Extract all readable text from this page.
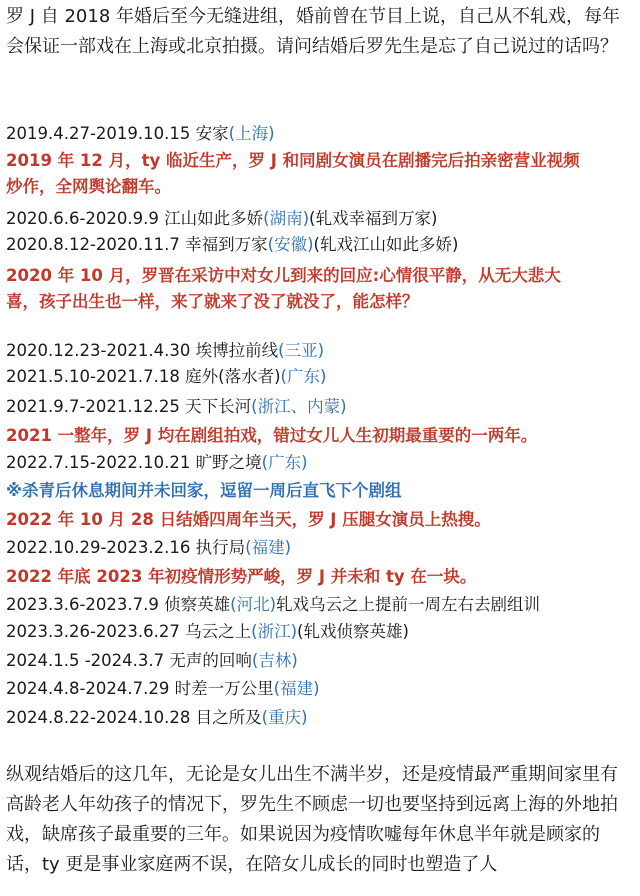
罗 J 自 2018 年婚后至今无缝进组，婚前曾在节目上说，自己从不轧戏，每年会保证一部戏在上海或北京拍摄。请问结婚后罗先生是忘了自己说过的话吗？
2019.4.27-2019.10.15 安家(上海)
2019 年 12 月，ty 临近生产，罗 J 和同剧女演员在剧播完后拍亲密营业视频
炒作，全网舆论翻车。
2020.6.6-2020.9.9 江山如此多娇(湖南)(轧戏幸福到万家)
2020.8.12-2020.11.7 幸福到万家(安徽)(轧戏江山如此多娇)
2020 年 10 月，罗晋在采访中对女儿到来的回应:心情很平静，从无大悲大
喜，孩子出生也一样，来了就来了没了就没了，能怎样？
2020.12.23-2021.4.30 埃博拉前线(三亚)
2021.5.10-2021.7.18 庭外(落水者)(广东)
2021.9.7-2021.12.25 天下长河(浙江、内蒙)
2021 一整年，罗 J 均在剧组拍戏，错过女儿人生初期最重要的一两年。
2022.7.15-2022.10.21 旷野之境(广东)
※杀青后休息期间并未回家，逗留一周后直飞下个剧组
2022 年 10 月 28 日结婚四周年当天，罗 J 压腿女演员上热搜。
2022.10.29-2023.2.16 执行局(福建)
2022 年底 2023 年初疫情形势严峻，罗 J 并未和 ty 在一块。
2023.3.6-2023.7.9 侦察英雄(河北)轧戏乌云之上提前一周左右去剧组训
2023.3.26-2023.6.27 乌云之上(浙江)(轧戏侦察英雄)
2024.1.5 -2024.3.7 无声的回响(吉林)
2024.4.8-2024.7.29 时差一万公里(福建)
2024.8.22-2024.10.28 目之所及(重庆)
纵观结婚后的这几年，无论是女儿出生不满半岁，还是疫情最严重期间家里有高龄老人年幼孩子的情况下，罗先生不顾虑一切也要坚持到远离上海的外地拍戏，缺席孩子最重要的三年。如果说因为疫情吹嘘每年休息半年就是顾家的话，ty 更是事业家庭两不误，在陪女儿成长的同时也塑造了人
